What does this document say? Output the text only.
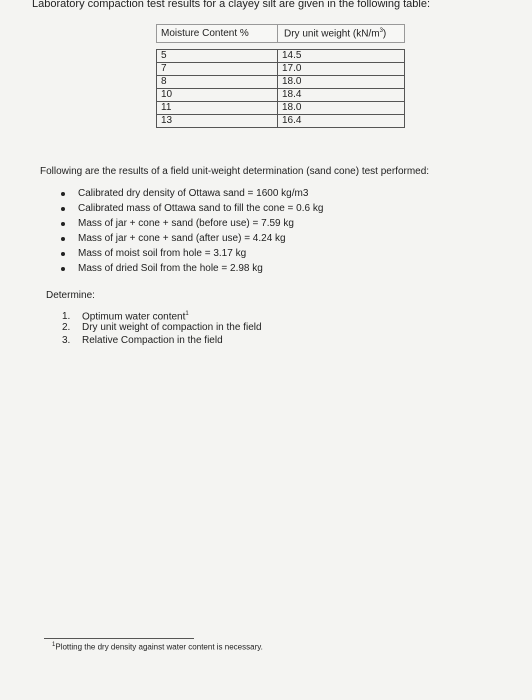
Laboratory compaction test results for a clayey silt are given in the following table:
Moisture Content %	Dry unit weight $(kN/m^3)$

5	14.5
7	17.0
8	18.0
10	18.4
11	18.0
13	16.4
Following are the results of a field unit-weight determination (sand cone) test performed:
Calibrated dry density of Ottawa sand = 1600 kg/m3
Calibrated mass of Ottawa sand to fill the cone = 0.6 kg
Mass of jar + cone + sand (before use) = 7.59 kg
Mass of jar + cone + sand (after use) = 4.24 kg
Mass of moist soil from hole = 3.17 kg
Mass of dried Soil from the hole = 2.98 kg
Determine:
1. Optimum water content$^1$
2. Dry unit weight of compaction in the field
3. Relative Compaction in the field
$^1$Plotting the dry density against water content is necessary.
